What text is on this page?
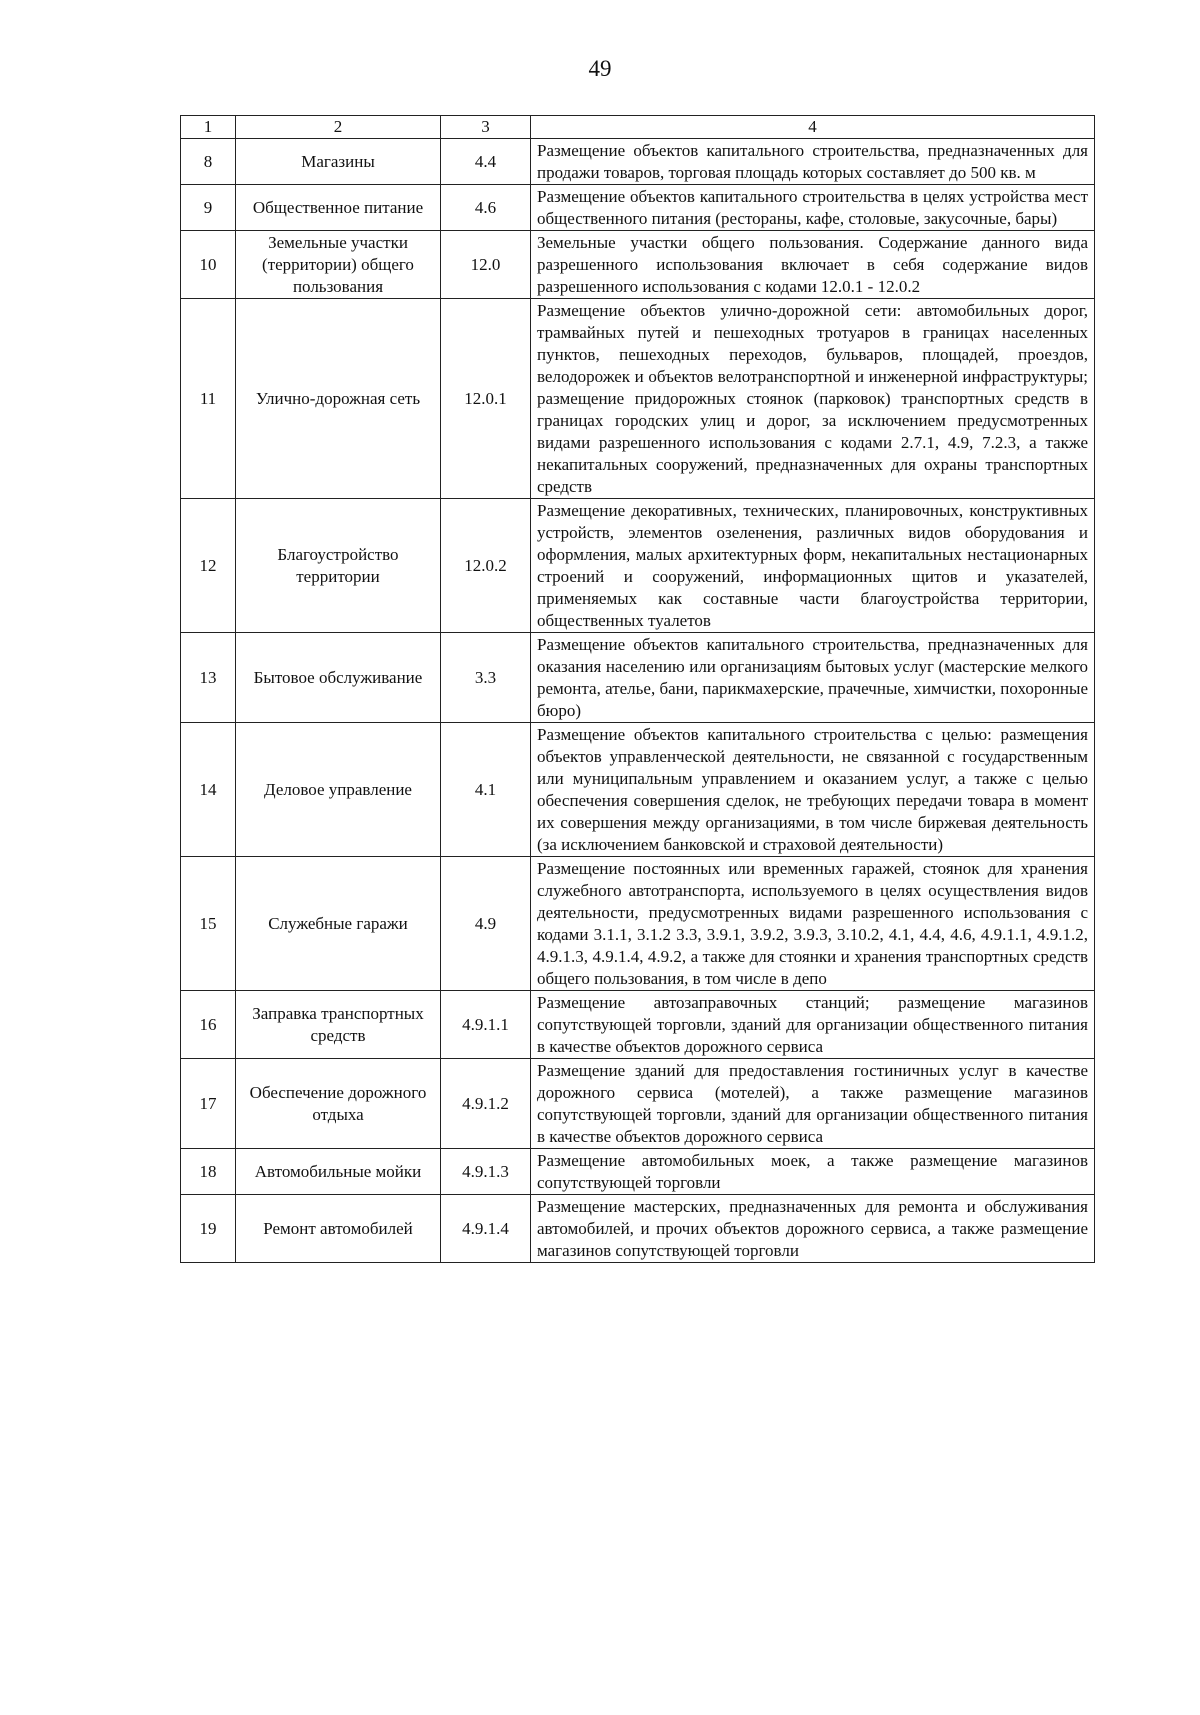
49
1	2	3	4
8	Магазины	4.4	Размещение объектов капитального строительства, предназначенных для продажи товаров, торговая площадь которых составляет до 500 кв. м
9	Общественное питание	4.6	Размещение объектов капитального строительства в целях устройства мест общественного питания (рестораны, кафе, столовые, закусочные, бары)
10	Земельные участки (территории) общего пользования	12.0	Земельные участки общего пользования. Содержание данного вида разрешенного использования включает в себя содержание видов разрешенного использования с кодами 12.0.1 - 12.0.2
11	Улично-дорожная сеть	12.0.1	Размещение объектов улично-дорожной сети: автомобильных дорог, трамвайных путей и пешеходных тротуаров в границах населенных пунктов, пешеходных переходов, бульваров, площадей, проездов, велодорожек и объектов велотранспортной и инженерной инфраструктуры; размещение придорожных стоянок (парковок) транспортных средств в границах городских улиц и дорог, за исключением предусмотренных видами разрешенного использования с кодами 2.7.1, 4.9, 7.2.3, а также некапитальных сооружений, предназначенных для охраны транспортных средств
12	Благоустройство территории	12.0.2	Размещение декоративных, технических, планировочных, конструктивных устройств, элементов озеленения, различных видов оборудования и оформления, малых архитектурных форм, некапитальных нестационарных строений и сооружений, информационных щитов и указателей, применяемых как составные части благоустройства территории, общественных туалетов
13	Бытовое обслуживание	3.3	Размещение объектов капитального строительства, предназначенных для оказания населению или организациям бытовых услуг (мастерские мелкого ремонта, ателье, бани, парикмахерские, прачечные, химчистки, похоронные бюро)
14	Деловое управление	4.1	Размещение объектов капитального строительства с целью: размещения объектов управленческой деятельности, не связанной с государственным или муниципальным управлением и оказанием услуг, а также с целью обеспечения совершения сделок, не требующих передачи товара в момент их совершения между организациями, в том числе биржевая деятельность (за исключением банковской и страховой деятельности)
15	Служебные гаражи	4.9	Размещение постоянных или временных гаражей, стоянок для хранения служебного автотранспорта, используемого в целях осуществления видов деятельности, предусмотренных видами разрешенного использования с кодами 3.1.1, 3.1.2 3.3, 3.9.1, 3.9.2, 3.9.3, 3.10.2, 4.1, 4.4, 4.6, 4.9.1.1, 4.9.1.2, 4.9.1.3, 4.9.1.4, 4.9.2, а также для стоянки и хранения транспортных средств общего пользования, в том числе в депо
16	Заправка транспортных средств	4.9.1.1	Размещение автозаправочных станций; размещение магазинов сопутствующей торговли, зданий для организации общественного питания в качестве объектов дорожного сервиса
17	Обеспечение дорожного отдыха	4.9.1.2	Размещение зданий для предоставления гостиничных услуг в качестве дорожного сервиса (мотелей), а также размещение магазинов сопутствующей торговли, зданий для организации общественного питания в качестве объектов дорожного сервиса
18	Автомобильные мойки	4.9.1.3	Размещение автомобильных моек, а также размещение магазинов сопутствующей торговли
19	Ремонт автомобилей	4.9.1.4	Размещение мастерских, предназначенных для ремонта и обслуживания автомобилей, и прочих объектов дорожного сервиса, а также размещение магазинов сопутствующей торговли
